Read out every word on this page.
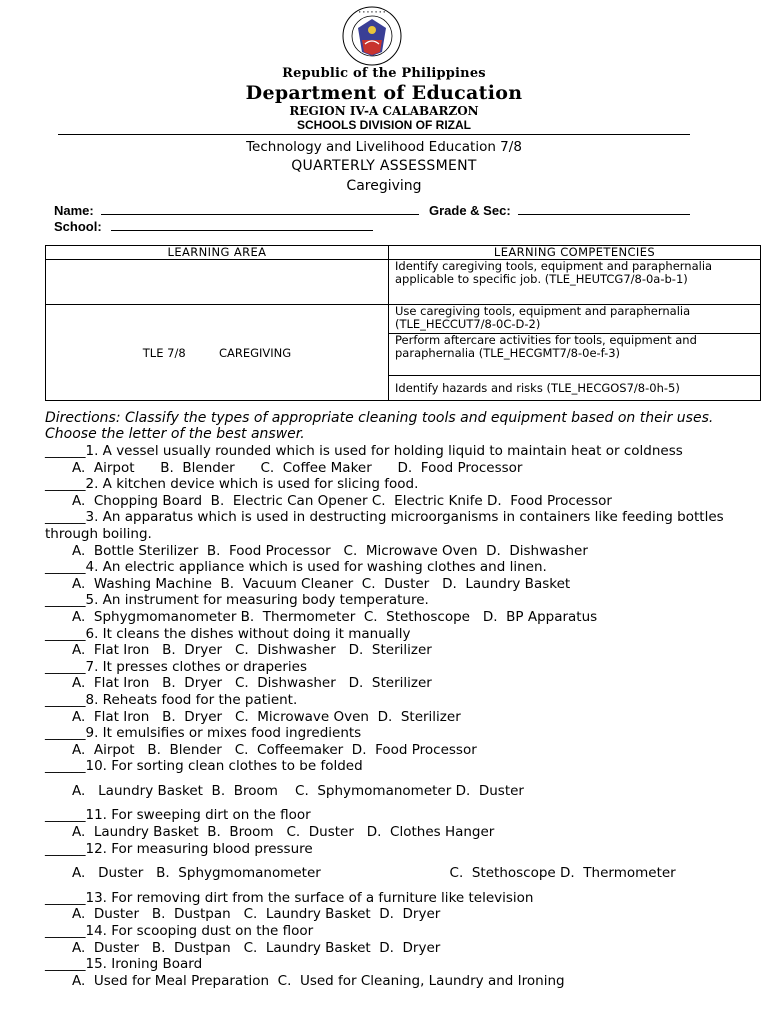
• • • • • • •
Republic of the Philippines
Department of Education
REGION IV-A CALABARZON
SCHOOLS DIVISION OF RIZAL
Technology and Livelihood Education 7/8
QUARTERLY ASSESSMENT
Caregiving
Name:	Grade & Sec:
School:
LEARNING AREA	LEARNING COMPETENCIES

	Identify caregiving tools, equipment and paraphernalia applicable to specific job. (TLE_HEUTCG7/8-0a-b-1)

TLE 7/8 CAREGIVING	Use caregiving tools, equipment and paraphernalia (TLE_HECCUT7/8-0C-D-2)

	Perform aftercare activities for tools, equipment and paraphernalia (TLE_HECGMT7/8-0e-f-3)

	Identify hazards and risks (TLE_HECGOS7/8-0h-5)
Directions: Classify the types of appropriate cleaning tools and equipment based on their uses. Choose the letter of the best answer.
______1. A vessel usually rounded which is used for holding liquid to maintain heat or coldness
A.  Airpot      B.  Blender      C.  Coffee Maker      D.  Food Processor
______2. A kitchen device which is used for slicing food.
A.  Chopping Board  B.  Electric Can Opener C.  Electric Knife D.  Food Processor
______3. An apparatus which is used in destructing microorganisms in containers like feeding bottles through boiling.
A.  Bottle Sterilizer  B.  Food Processor   C.  Microwave Oven  D.  Dishwasher
______4. An electric appliance which is used for washing clothes and linen.
A.  Washing Machine  B.  Vacuum Cleaner  C.  Duster   D.  Laundry Basket
______5. An instrument for measuring body temperature.
A.  Sphygmomanometer B.  Thermometer  C.  Stethoscope   D.  BP Apparatus
______6. It cleans the dishes without doing it manually
A.  Flat Iron   B.  Dryer   C.  Dishwasher   D.  Sterilizer
______7. It presses clothes or draperies
A.  Flat Iron   B.  Dryer   C.  Dishwasher   D.  Sterilizer
______8. Reheats food for the patient.
A.  Flat Iron   B.  Dryer   C.  Microwave Oven  D.  Sterilizer
______9. It emulsifies or mixes food ingredients
A.  Airpot   B.  Blender   C.  Coffeemaker  D.  Food Processor
______10. For sorting clean clothes to be folded
A.   Laundry Basket  B.  Broom    C.  Sphymomanometer D.  Duster
______11. For sweeping dirt on the floor
A.  Laundry Basket  B.  Broom   C.  Duster   D.  Clothes Hanger
______12. For measuring blood pressure
A.   Duster   B.  Sphygmomanometer                              C.  Stethoscope D.  Thermometer
______13. For removing dirt from the surface of a furniture like television
A.  Duster   B.  Dustpan   C.  Laundry Basket  D.  Dryer
______14. For scooping dust on the floor
A.  Duster   B.  Dustpan   C.  Laundry Basket  D.  Dryer
______15. Ironing Board
A.  Used for Meal Preparation  C.  Used for Cleaning, Laundry and Ironing
